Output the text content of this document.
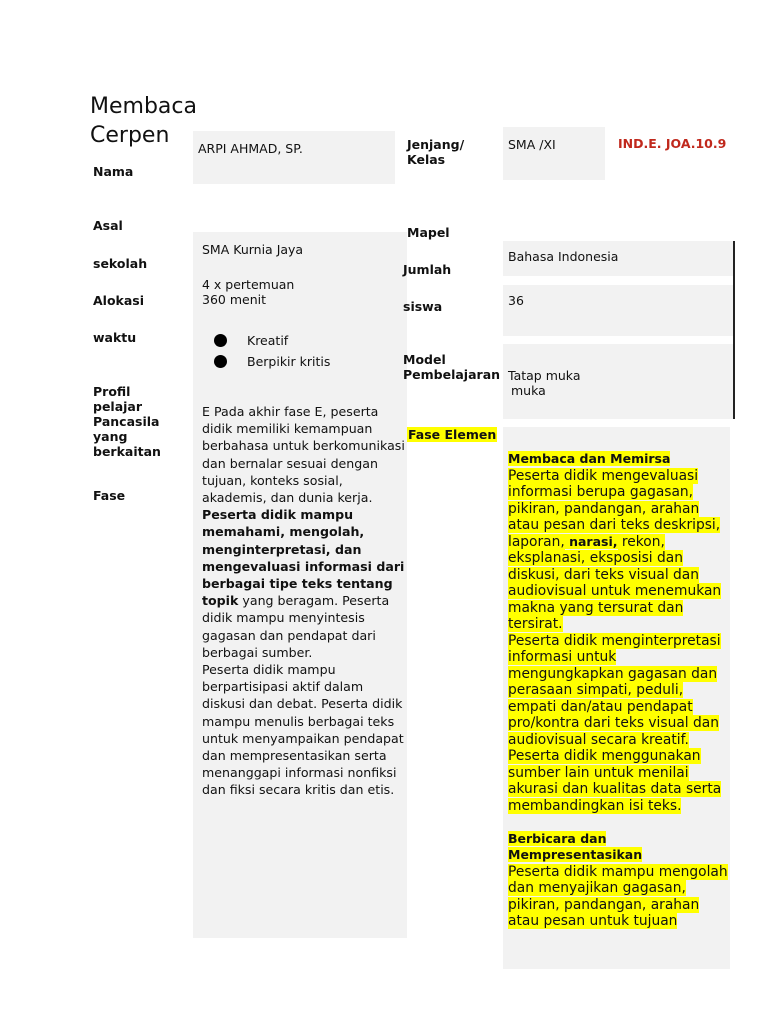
Membaca Cerpen
Nama
Asal
sekolah
Alokasi
waktu
Profil pelajar Pancasila yang berkaitan
Fase
ARPI AHMAD, SP.	Jenjang/ Kelas
SMA /XI	IND.E. JOA.10.9
SMA Kurnia Jaya
4 x pertemuan
360 menit
Kreatif
Berpikir kritis
E Pada akhir fase E, peserta didik memiliki kemampuan berbahasa untuk berkomunikasi dan bernalar sesuai dengan tujuan, konteks sosial, akademis, dan dunia kerja.
Peserta didik mampu memahami, mengolah, menginterpretasi, dan mengevaluasi informasi dari berbagai tipe teks tentang topik yang beragam. Peserta didik mampu menyintesis gagasan dan pendapat dari berbagai sumber.
Peserta didik mampu berpartisipasi aktif dalam diskusi dan debat. Peserta didik mampu menulis berbagai teks untuk menyampaikan pendapat dan mempresentasikan serta menanggapi informasi nonfiksi dan fiksi secara kritis dan etis.
Mapel
Jumlah
siswa
Model Pembelajaran
Bahasa Indonesia
36
Tatap muka
muka
Fase Elemen
Membaca dan Memirsa
Peserta didik mengevaluasi informasi berupa gagasan, pikiran, pandangan, arahan atau pesan dari teks deskripsi, laporan, narasi, rekon, eksplanasi, eksposisi dan diskusi, dari teks visual dan audiovisual untuk menemukan makna yang tersurat dan tersirat.
Peserta didik menginterpretasi informasi untuk mengungkapkan gagasan dan perasaan simpati, peduli, empati dan/atau pendapat pro/kontra dari teks visual dan audiovisual secara kreatif.
Peserta didik menggunakan sumber lain untuk menilai akurasi dan kualitas data serta membandingkan isi teks.

Berbicara dan Mempresentasikan
Peserta didik mampu mengolah
dan menyajikan gagasan, pikiran, pandangan, arahan atau pesan untuk tujuan
